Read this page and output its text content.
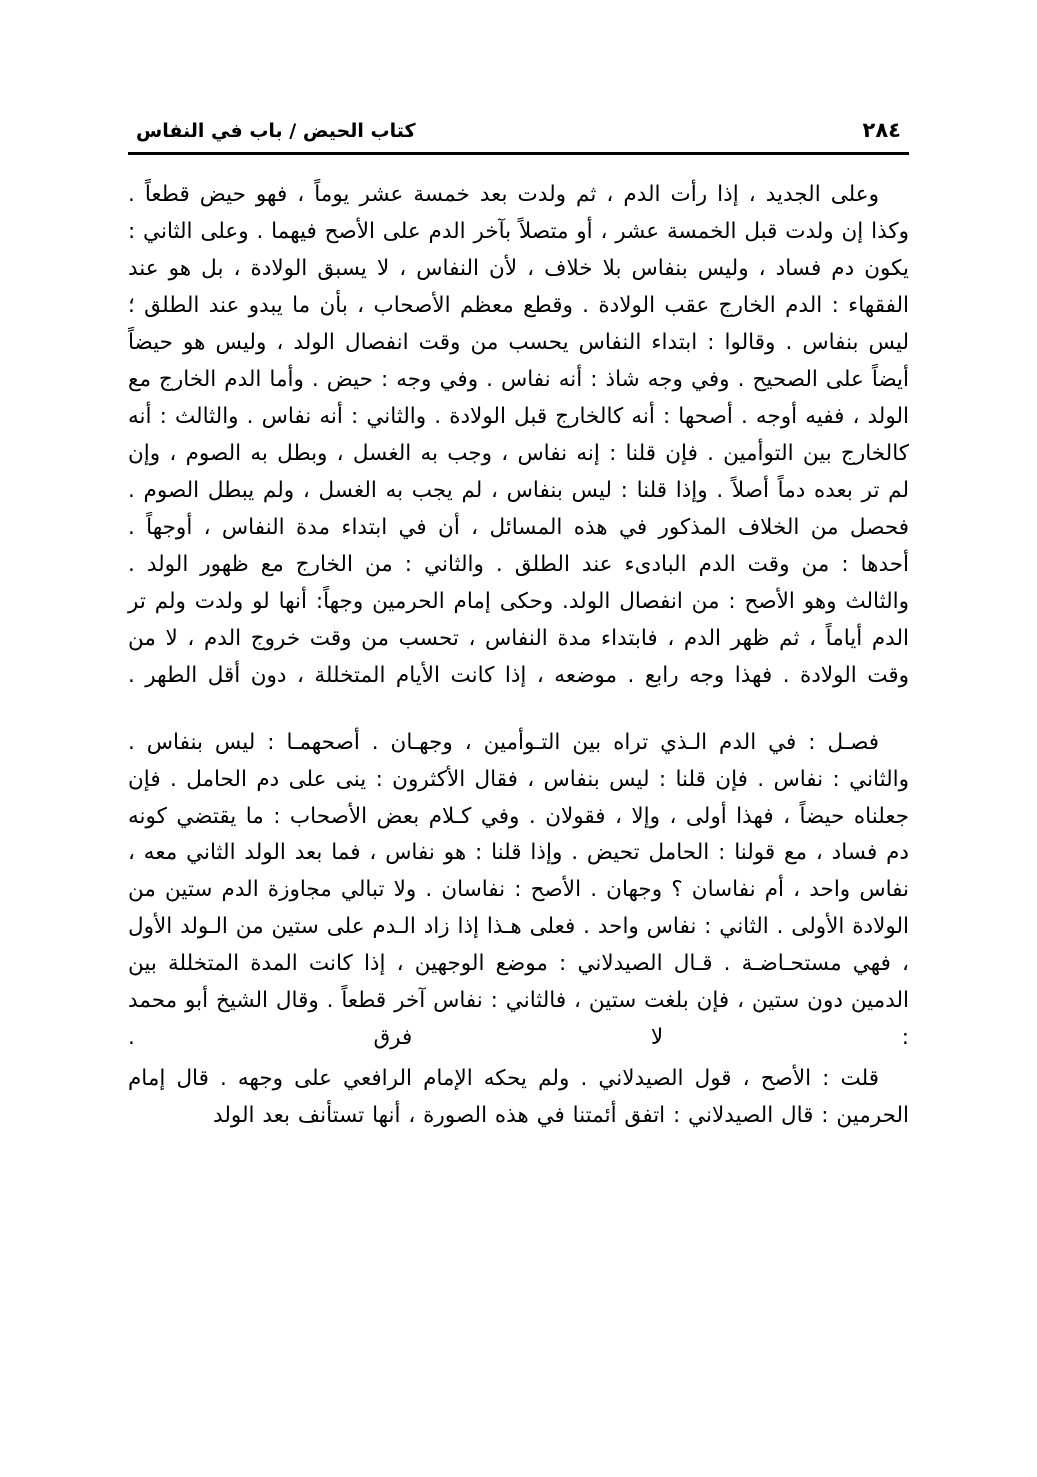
كتاب الحيض / باب في النفاس	٢٨٤

وعلى الجديد ، إذا رأت الدم ، ثم ولدت بعد خمسة عشر يوماً ، فهو حيض قطعاً . وكذا إن ولدت قبل الخمسة عشر ، أو متصلاً بآخر الدم على الأصح فيهما . وعلى الثاني : يكون دم فساد ، وليس بنفاس بلا خلاف ، لأن النفاس ، لا يسبق الولادة ، بل هو عند الفقهاء : الدم الخارج عقب الولادة . وقطع معظم الأصحاب ، بأن ما يبدو عند الطلق ؛ ليس بنفاس . وقالوا : ابتداء النفاس يحسب من وقت انفصال الولد ، وليس هو حيضاً أيضاً على الصحيح . وفي وجه شاذ : أنه نفاس . وفي وجه : حيض . وأما الدم الخارج مع الولد ، ففيه أوجه . أصحها : أنه كالخارج قبل الولادة . والثاني : أنه نفاس . والثالث : أنه كالخارج بين التوأمين . فإن قلنا : إنه نفاس ، وجب به الغسل ، وبطل به الصوم ، وإن لم تر بعده دماً أصلاً . وإذا قلنا : ليس بنفاس ، لم يجب به الغسل ، ولم يبطل الصوم . فحصل من الخلاف المذكور في هذه المسائل ، أن في ابتداء مدة النفاس ، أوجهاً . أحدها : من وقت الدم البادىء عند الطلق . والثاني : من الخارج مع ظهور الولد . والثالث وهو الأصح : من انفصال الولد. وحكى إمام الحرمين وجهاً: أنها لو ولدت ولم تر الدم أياماً ، ثم ظهر الدم ، فابتداء مدة النفاس ، تحسب من وقت خروج الدم ، لا من وقت الولادة . فهذا وجه رابع . موضعه ، إذا كانت الأيام المتخللة ، دون أقل الطهر .

فصـل : في الدم الـذي تراه بين التـوأمين ، وجهـان . أصحهمـا : ليس بنفاس . والثاني : نفاس . فإن قلنا : ليس بنفاس ، فقال الأكثرون : ينى على دم الحامل . فإن جعلناه حيضاً ، فهذا أولى ، وإلا ، فقولان . وفي كـلام بعض الأصحاب : ما يقتضي كونه دم فساد ، مع قولنا : الحامل تحيض . وإذا قلنا : هو نفاس ، فما بعد الولد الثاني معه ، نفاس واحد ، أم نفاسان ؟ وجهان . الأصح : نفاسان . ولا تبالي مجاوزة الدم ستين من الولادة الأولى . الثاني : نفاس واحد . فعلى هـذا إذا زاد الـدم على ستين من الـولد الأول ، فهي مستحـاضـة . قـال الصيدلاني : موضع الوجهين ، إذا كانت المدة المتخللة بين الدمين دون ستين ، فإن بلغت ستين ، فالثاني : نفاس آخر قطعاً . وقال الشيخ أبو محمد : لا فرق .

قلت : الأصح ، قول الصيدلاني . ولم يحكه الإمام الرافعي على وجهه . قال إمام الحرمين : قال الصيدلاني : اتفق أئمتنا في هذه الصورة ، أنها تستأنف بعد الولد
